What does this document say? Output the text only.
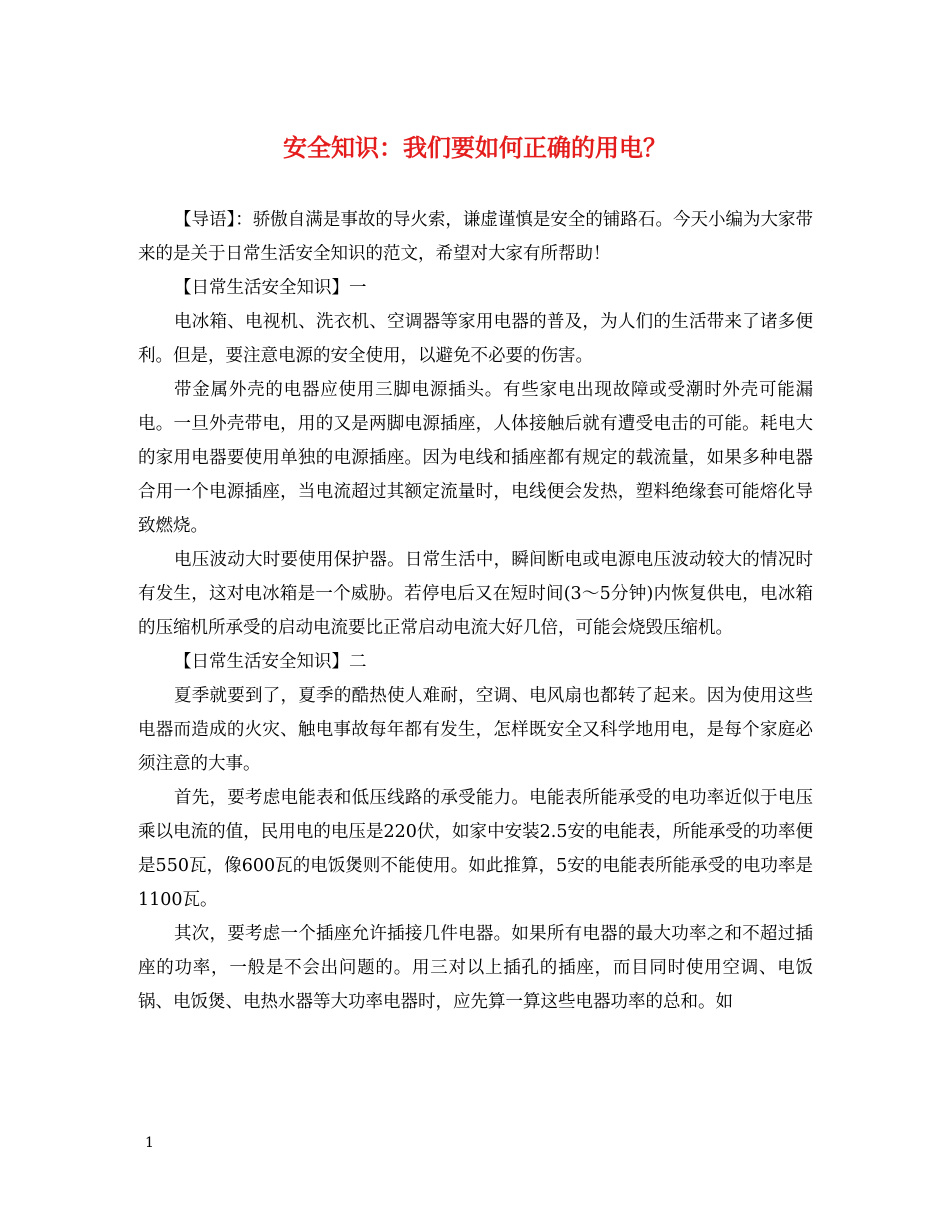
安全知识：我们要如何正确的用电？

【导语】：骄傲自满是事故的导火索，谦虚谨慎是安全的铺路石。今天小编为大家带来的是关于日常生活安全知识的范文，希望对大家有所帮助！

【日常生活安全知识】一

电冰箱、电视机、洗衣机、空调器等家用电器的普及，为人们的生活带来了诸多便利。但是，要注意电源的安全使用，以避免不必要的伤害。

带金属外壳的电器应使用三脚电源插头。有些家电出现故障或受潮时外壳可能漏电。一旦外壳带电，用的又是两脚电源插座，人体接触后就有遭受电击的可能。耗电大的家用电器要使用单独的电源插座。因为电线和插座都有规定的载流量，如果多种电器合用一个电源插座，当电流超过其额定流量时，电线便会发热，塑料绝缘套可能熔化导致燃烧。

电压波动大时要使用保护器。日常生活中，瞬间断电或电源电压波动较大的情况时有发生，这对电冰箱是一个威胁。若停电后又在短时间(3～5分钟)内恢复供电，电冰箱的压缩机所承受的启动电流要比正常启动电流大好几倍，可能会烧毁压缩机。

【日常生活安全知识】二

夏季就要到了，夏季的酷热使人难耐，空调、电风扇也都转了起来。因为使用这些电器而造成的火灾、触电事故每年都有发生，怎样既安全又科学地用电，是每个家庭必须注意的大事。

首先，要考虑电能表和低压线路的承受能力。电能表所能承受的电功率近似于电压乘以电流的值，民用电的电压是220伏，如家中安装2.5安的电能表，所能承受的功率便是550瓦，像600瓦的电饭煲则不能使用。如此推算，5安的电能表所能承受的电功率是1100瓦。

其次，要考虑一个插座允许插接几件电器。如果所有电器的最大功率之和不超过插座的功率，一般是不会出问题的。用三对以上插孔的插座，而目同时使用空调、电饭锅、电饭煲、电热水器等大功率电器时，应先算一算这些电器功率的总和。如

1
